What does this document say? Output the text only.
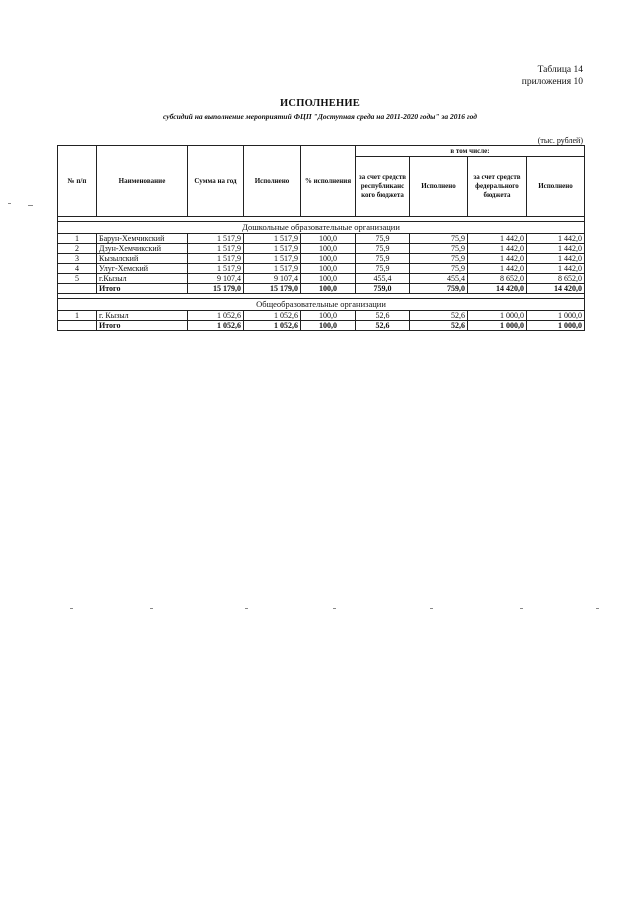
Таблица 14
приложения 10
ИСПОЛНЕНИЕ
субсидий на выполнение мероприятий ФЦП "Доступная среда на 2011-2020 годы" за 2016 год
(тыс. рублей)
№ п/п	Наименование	Сумма на год	Исполнено	% исполнения	в том числе:			
					за счет средств республиканс кого бюджета	Исполнено	за счет средств федерального бюджета	Исполнено

Дошкольные образовательные организации								
1	Барун-Хемчикский	1 517,9	1 517,9	100,0	75,9	75,9	1 442,0	1 442,0
2	Дзун-Хемчикский	1 517,9	1 517,9	100,0	75,9	75,9	1 442,0	1 442,0
3	Кызылский	1 517,9	1 517,9	100,0	75,9	75,9	1 442,0	1 442,0
4	Улуг-Хемский	1 517,9	1 517,9	100,0	75,9	75,9	1 442,0	1 442,0
5	г.Кызыл	9 107,4	9 107,4	100,0	455,4	455,4	8 652,0	8 652,0
	Итого	15 179,0	15 179,0	100,0	759,0	759,0	14 420,0	14 420,0

Общеобразовательные организации								
1	г. Кызыл	1 052,6	1 052,6	100,0	52,6	52,6	1 000,0	1 000,0
	Итого	1 052,6	1 052,6	100,0	52,6	52,6	1 000,0	1 000,0
